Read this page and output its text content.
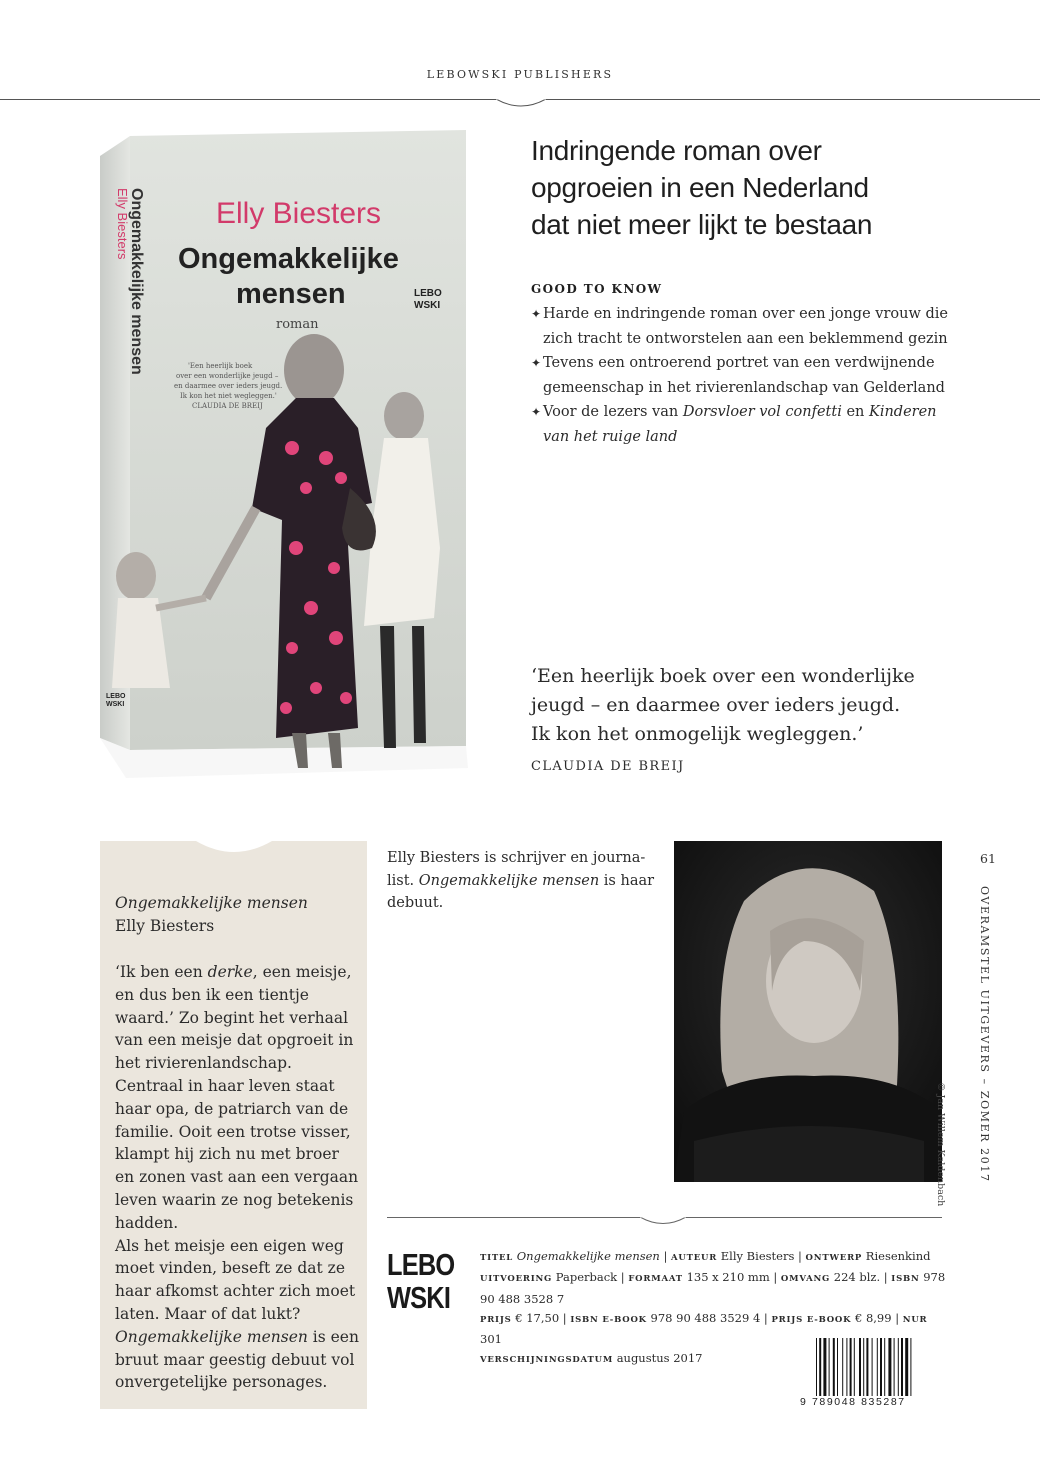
LEBOWSKI PUBLISHERS
Elly Biesters
Ongemakkelijke
mensen
roman
LEBO
WSKI
'Een heerlijk boek
over een wonderlijke jeugd –
en daarmee over ieders jeugd.
Ik kon het niet wegleggen.'
CLAUDIA DE BREIJ
Elly Biesters
Ongemakkelijke mensen
LEBO
WSKI
Indringende roman over
opgroeien in een Nederland
dat niet meer lijkt te bestaan
GOOD TO KNOW
✦ Harde en indringende roman over een jonge vrouw die
zich tracht te ontworstelen aan een beklemmend gezin
✦ Tevens een ontroerend portret van een verdwijnende
gemeenschap in het rivierenlandschap van Gelderland
✦ Voor de lezers van Dorsvloer vol confetti en Kinderen
van het ruige land
‘Een heerlijk boek over een wonderlijke
jeugd – en daarmee over ieders jeugd.
Ik kon het onmogelijk wegleggen.’
CLAUDIA DE BREIJ
Ongemakkelijke mensen
Elly Biesters
‘Ik ben een derke, een meisje, en dus ben ik een tientje waard.’ Zo begint het verhaal van een meisje dat opgroeit in het rivierenlandschap. Centraal in haar leven staat haar opa, de patriarch van de familie. Ooit een trotse visser, klampt hij zich nu met broer en zonen vast aan een vergaan leven waarin ze nog betekenis hadden.
Als het meisje een eigen weg moet vinden, beseft ze dat ze haar afkomst achter zich moet laten. Maar of dat lukt? Ongemakkelijke mensen is een bruut maar geestig debuut vol onvergetelijke personages.
Elly Biesters is schrijver en journa-list. Ongemakkelijke mensen is haar debuut.
© Jan Willem Kaldenbach
61
OVERAMSTEL UITGEVERS – ZOMER 2017
LEBO
WSKI
TITEL Ongemakkelijke mensen | AUTEUR Elly Biesters | ONTWERP Riesenkind
UITVOERING Paperback | FORMAAT 135 x 210 mm | OMVANG 224 blz. | ISBN 978 90 488 3528 7
PRIJS € 17,50 | ISBN E-BOOK 978 90 488 3529 4 | PRIJS E-BOOK € 8,99 | NUR 301
VERSCHIJNINGSDATUM augustus 2017
9 789048 835287
